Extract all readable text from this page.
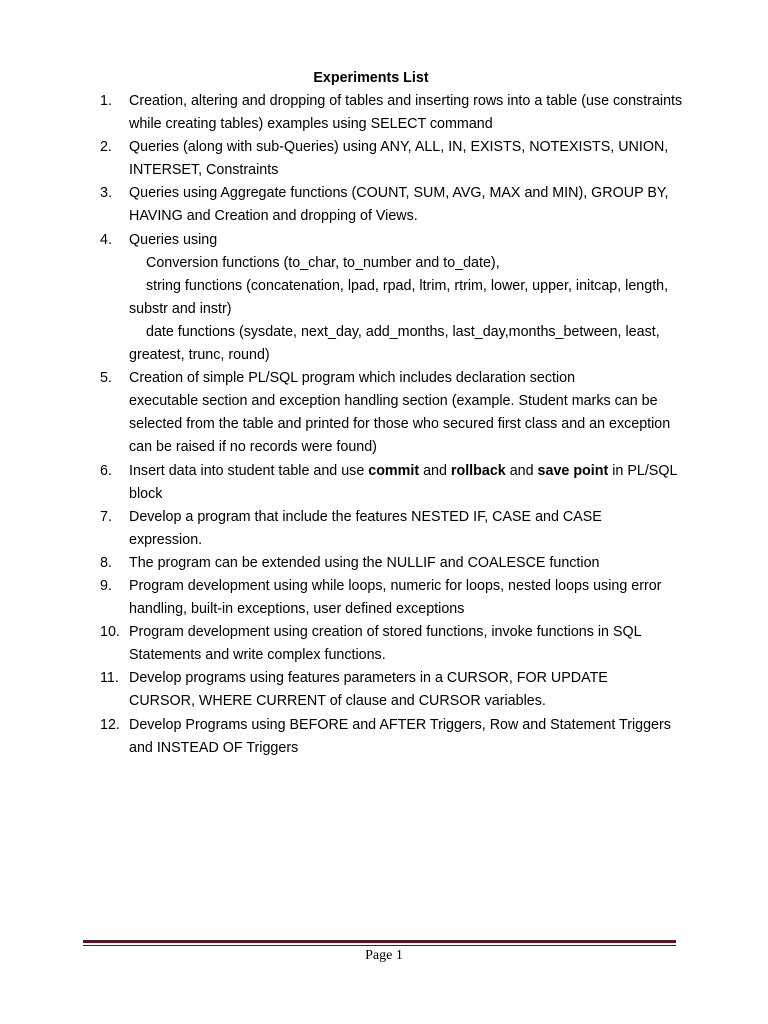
Experiments List
1.	Creation, altering and dropping of tables and inserting rows into a table (use constraints
while creating tables) examples using SELECT command
2.	Queries (along with sub-Queries) using ANY, ALL, IN, EXISTS, NOTEXISTS, UNION,
INTERSET, Constraints
3.	Queries using Aggregate functions (COUNT, SUM, AVG, MAX and MIN), GROUP BY,
HAVING and Creation and dropping of Views.
4.	Queries using
Conversion functions (to_char, to_number and to_date),
string functions (concatenation, lpad, rpad, ltrim, rtrim, lower, upper, initcap, length,
substr and instr)
date functions (sysdate, next_day, add_months, last_day,months_between, least,
greatest, trunc, round)
5.	Creation of simple PL/SQL program which includes declaration section
executable section and exception handling section (example. Student marks can be
selected from the table and printed for those who secured first class and an exception
can be raised if no records were found)
6.	Insert data into student table and use commit and rollback and save point in PL/SQL
block
7.	Develop a program that include the features NESTED IF, CASE and CASE
expression.
8.	The program can be extended using the NULLIF and COALESCE function
9.	Program development using while loops, numeric for loops, nested loops using error
handling, built-in exceptions, user defined exceptions
10. Program development using creation of stored functions, invoke functions in SQL
Statements and write complex functions.
11. Develop programs using features parameters in a CURSOR, FOR UPDATE
CURSOR, WHERE CURRENT of clause and CURSOR variables.
12. Develop Programs using BEFORE and AFTER Triggers, Row and Statement Triggers
and INSTEAD OF Triggers
Page 1
